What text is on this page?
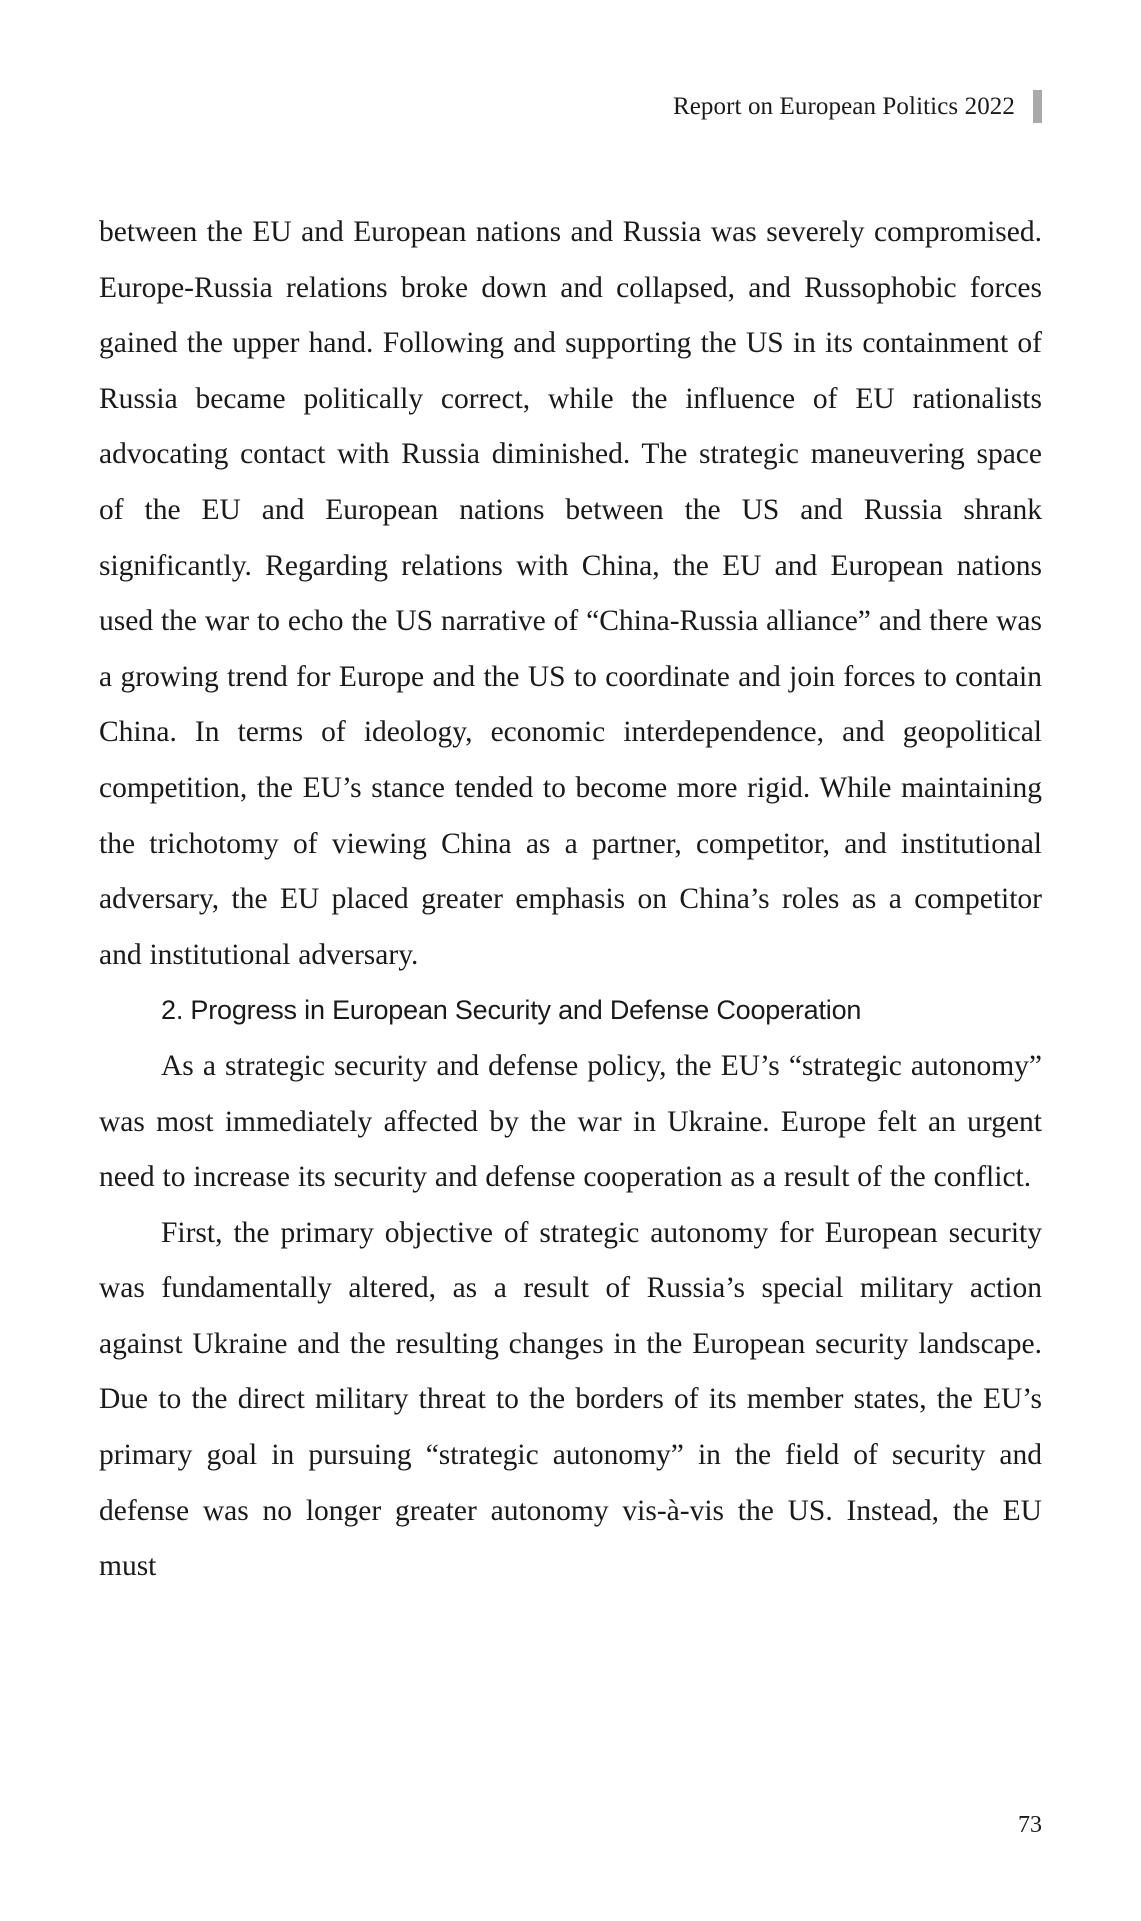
Report on European Politics 2022

between the EU and European nations and Russia was severely compromised. Europe-Russia relations broke down and collapsed, and Russophobic forces gained the upper hand. Following and supporting the US in its containment of Russia became politically correct, while the influence of EU rationalists advocating contact with Russia diminished. The strategic maneuvering space of the EU and European nations between the US and Russia shrank significantly. Regarding relations with China, the EU and European nations used the war to echo the US narrative of “China-Russia alliance” and there was a growing trend for Europe and the US to coordinate and join forces to contain China. In terms of ideology, economic interdependence, and geopolitical competition, the EU’s stance tended to become more rigid. While maintaining the trichotomy of viewing China as a partner, competitor, and institutional adversary, the EU placed greater emphasis on China’s roles as a competitor and institutional adversary.

2. Progress in European Security and Defense Cooperation

As a strategic security and defense policy, the EU’s “strategic autonomy” was most immediately affected by the war in Ukraine. Europe felt an urgent need to increase its security and defense cooperation as a result of the conflict.

First, the primary objective of strategic autonomy for European security was fundamentally altered, as a result of Russia’s special military action against Ukraine and the resulting changes in the European security landscape. Due to the direct military threat to the borders of its member states, the EU’s primary goal in pursuing “strategic autonomy” in the field of security and defense was no longer greater autonomy vis-à-vis the US. Instead, the EU must

73
